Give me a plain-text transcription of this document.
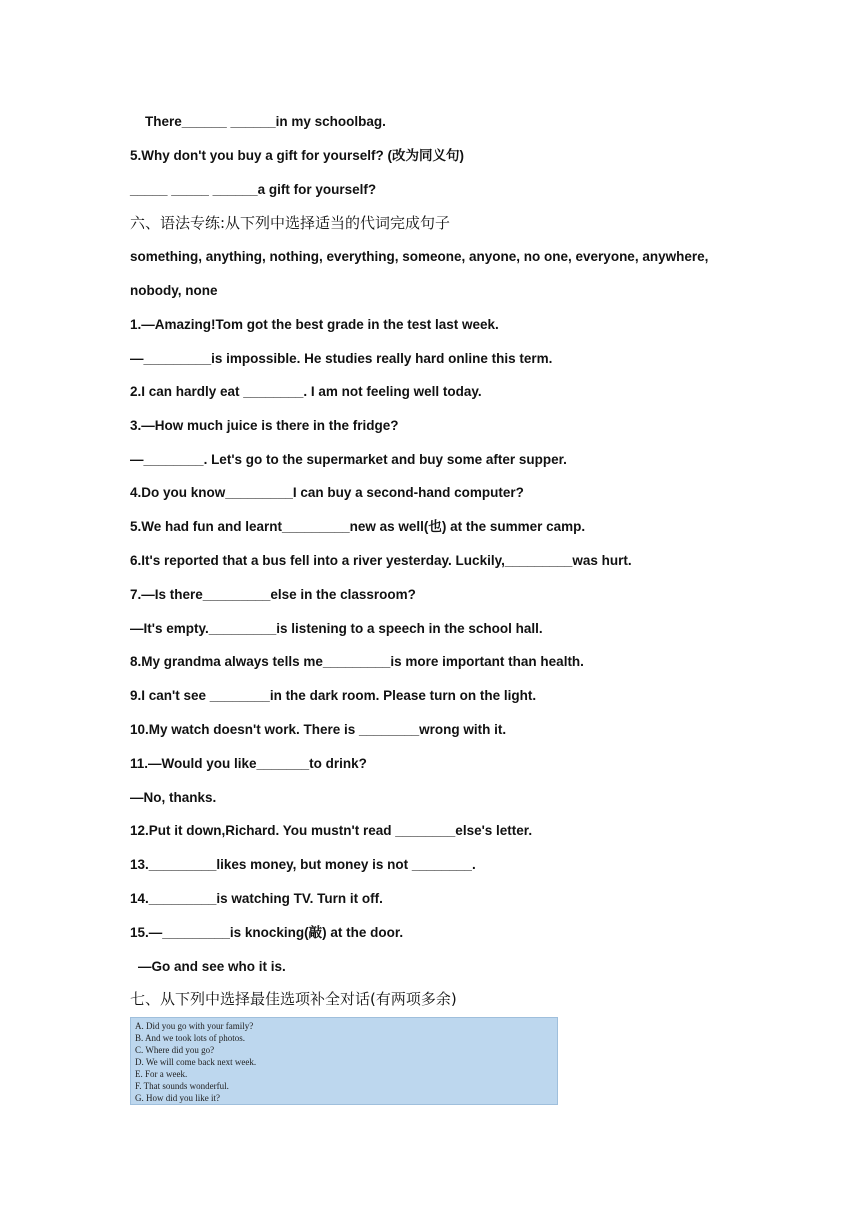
There______ ______in my schoolbag.
5.Why don't you buy a gift for yourself? (改为同义句)
_____ _____ ______a gift for yourself?
六、语法专练:从下列中选择适当的代词完成句子
something, anything, nothing, everything, someone, anyone, no one, everyone, anywhere,
nobody, none
1.—Amazing!Tom got the best grade in the test last week.
—_________is impossible. He studies really hard online this term.
2.I can hardly eat ________. I am not feeling well today.
3.—How much juice is there in the fridge?
—________. Let's go to the supermarket and buy some after supper.
4.Do you know_________I can buy a second-hand computer?
5.We had fun and learnt_________new as well(也) at the summer camp.
6.It's reported that a bus fell into a river yesterday. Luckily,_________was hurt.
7.—Is there_________else in the classroom?
—It's empty._________is listening to a speech in the school hall.
8.My grandma always tells me_________is more important than health.
9.I can't see ________in the dark room. Please turn on the light.
10.My watch doesn't work. There is ________wrong with it.
11.—Would you like_______to drink?
—No, thanks.
12.Put it down,Richard. You mustn't read ________else's letter.
13._________likes money, but money is not ________.
14._________is watching TV. Turn it off.
15.—_________is knocking(敲) at the door.
—Go and see who it is.
七、从下列中选择最佳选项补全对话(有两项多余)
A. Did you go with your family?
B. And we took lots of photos.
C. Where did you go?
D. We will come back next week.
E. For a week.
F. That sounds wonderful.
G. How did you like it?
